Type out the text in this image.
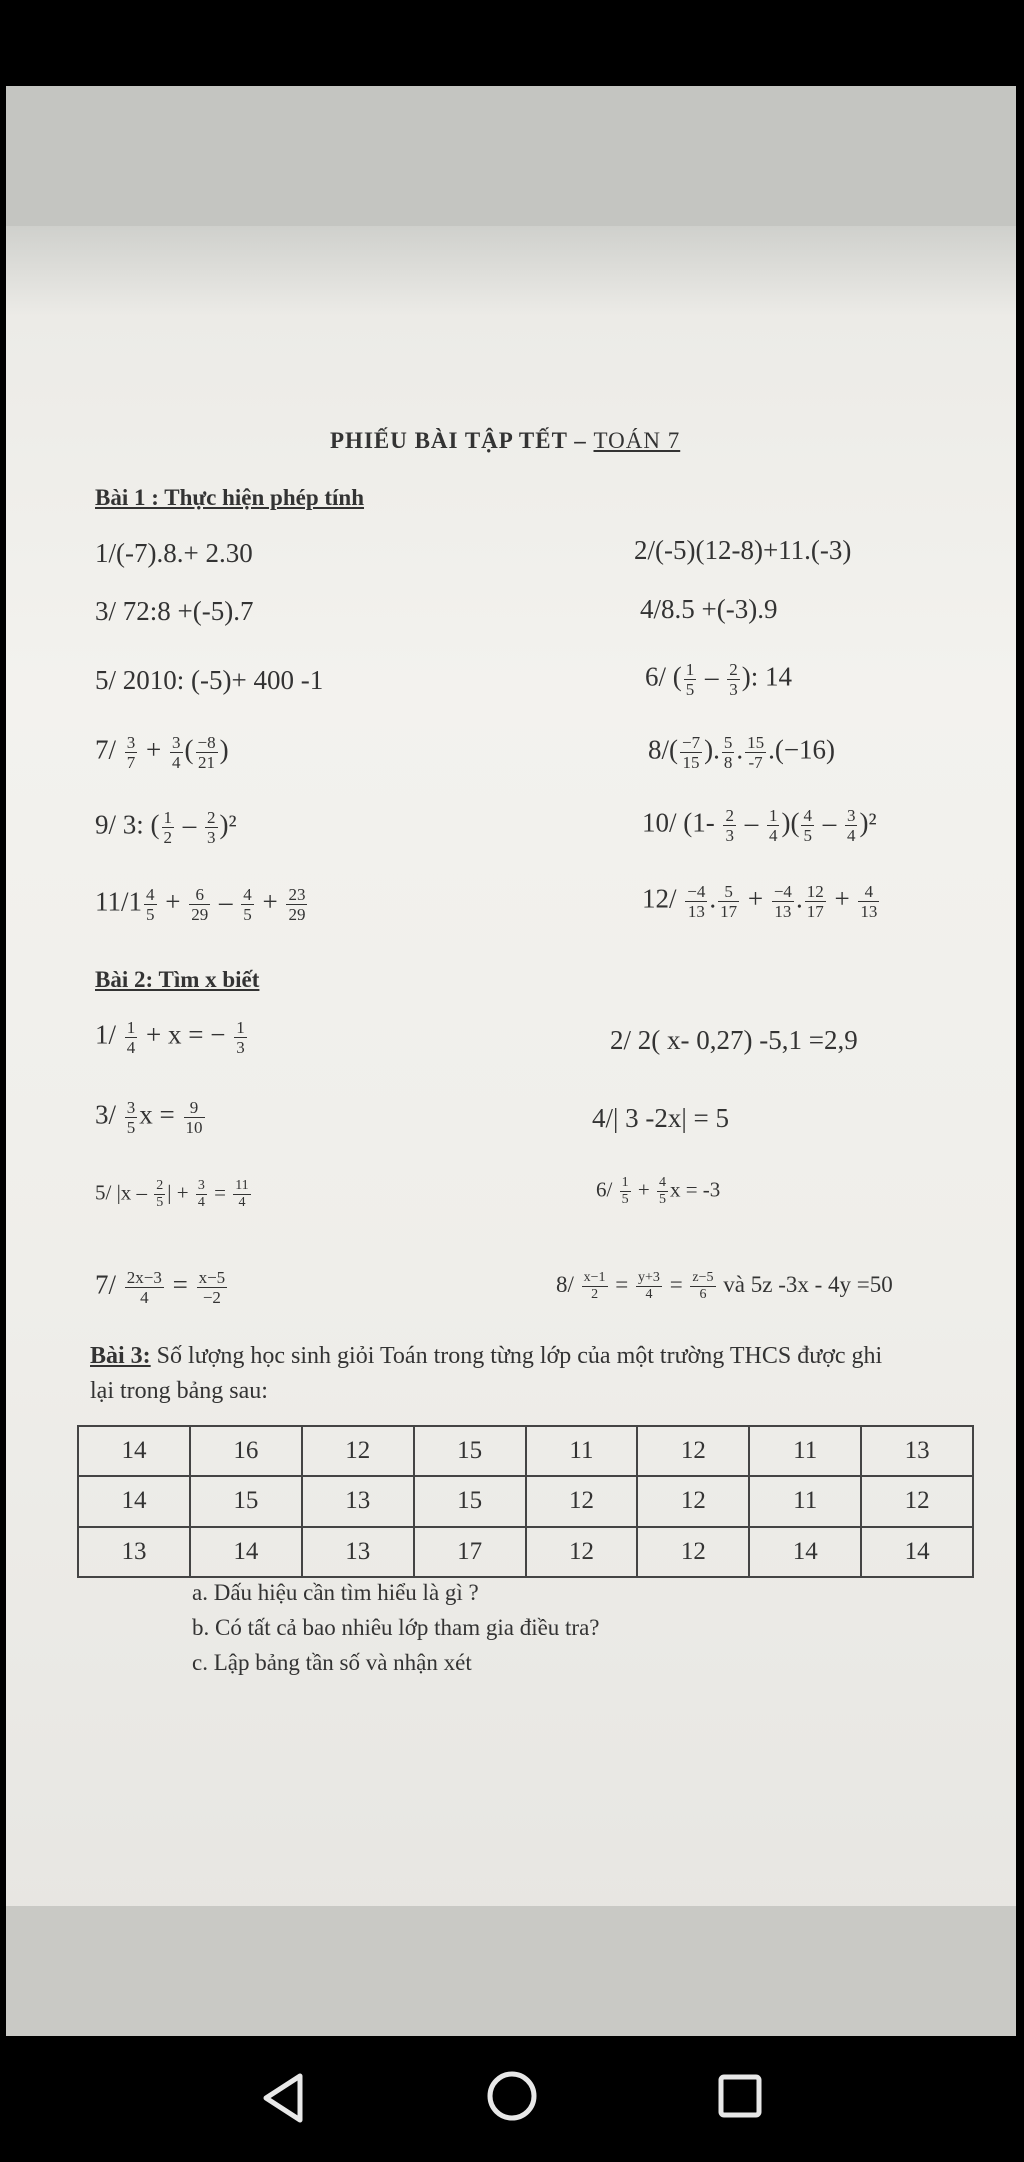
PHIẾU BÀI TẬP TẾT – TOÁN 7
Bài 1 : Thực hiện phép tính
1/(-7).8.+ 2.30	2/(-5)(12-8)+11.(-3)
3/ 72:8 +(-5).7	4/8.5 +(-3).9
5/ 2010: (-5)+ 400 -1	6/ ( $\frac{1}{5} - \frac{2}{3}$ ): 14
$7/ \frac{3}{7} + \frac{3}{4}$ ( $\frac{-8}{21}$ )	$8/( \frac{-7}{15}$ ). $\frac{5}{8}$ . $\frac{15}{-7} .(-16)$
9/ 3: ( $\frac{1}{2} - \frac{2}{3} )^2$	10/ ($1- \frac{2}{3} - \frac{1}{4}$ )( $\frac{4}{5} - \frac{3}{4} )^2$
$11/1 \frac{4}{5} + \frac{6}{29} - \frac{4}{5} + \frac{23}{29}$	$12/ \frac{-4}{13}$ . $\frac{5}{17} + \frac{-4}{13}$ . $\frac{12}{17} + \frac{4}{13}$
Bài 2: Tìm x biết
$1/ \frac{1}{4} + x$ = − $\frac{1}{3}$	2/ 2( x- 0,27) -5,1 =2,9
$3/ \frac{3}{5}$ $x = \frac{9}{10}$	4/| 3 -2x| = 5
5/ $|x - \frac{2}{5}$ | + $\frac{3}{4} = \frac{11}{4}$	$6/ \frac{1}{5} + \frac{4}{5}$ x = -3
$7/ \frac{2x-3}{4} = \frac{x-5}{-2}$	$8/ \frac{x-1}{2} = \frac{y+3}{4} = \frac{z-5}{6}$ và 5z -3x - 4y =50
Bài 3: Số lượng học sinh giỏi Toán trong từng lớp của một trường THCS được ghi
lại trong bảng sau:
14	16	12	15	11	12	11	13
14	15	13	15	12	12	11	12
13	14	13	17	12	12	14	14
a. Dấu hiệu cần tìm hiểu là gì ?
b. Có tất cả bao nhiêu lớp tham gia điều tra?
c. Lập bảng tần số và nhận xét
